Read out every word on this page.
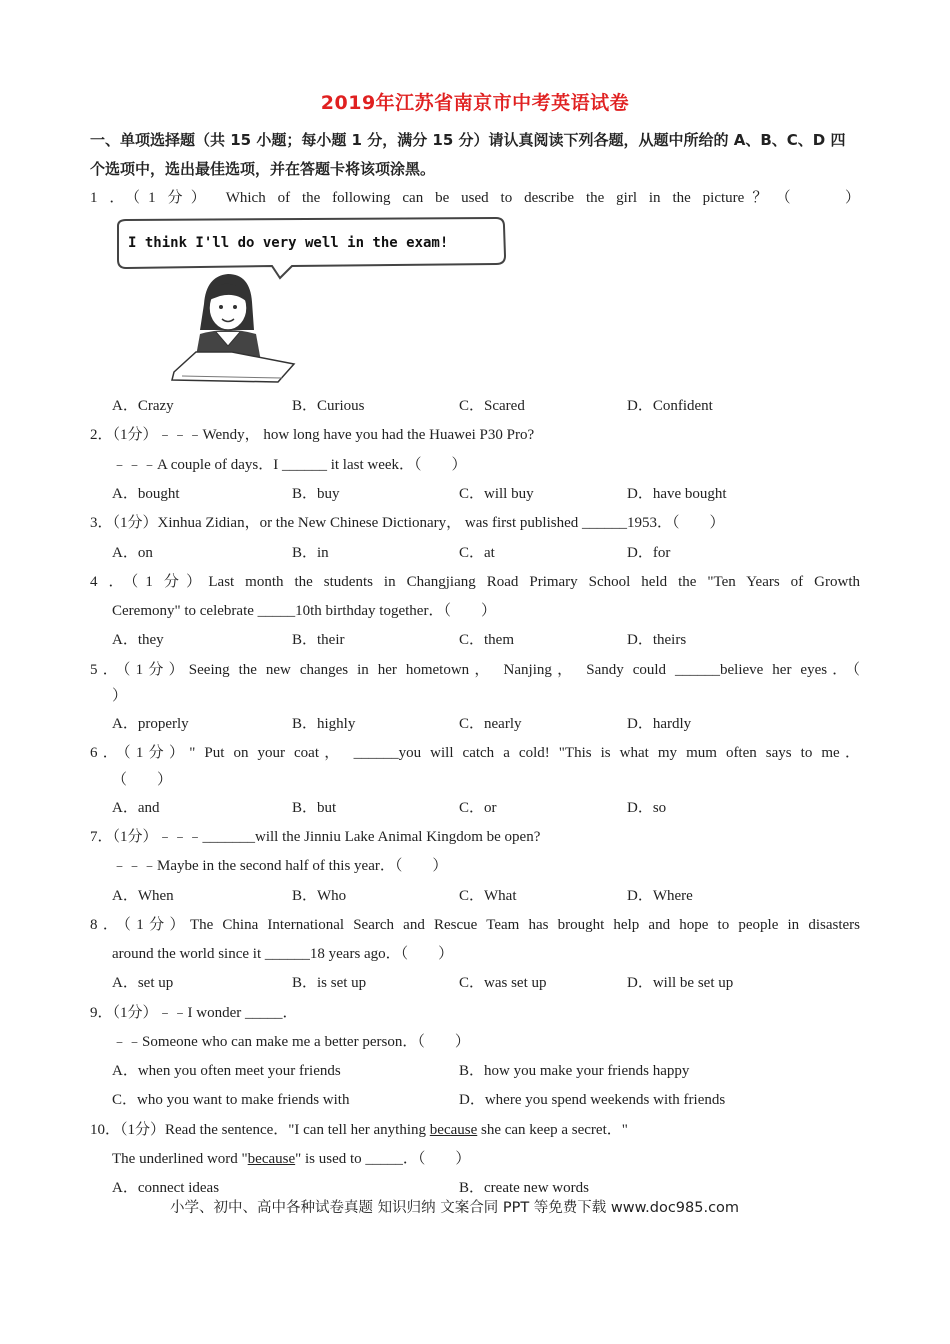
2019年江苏省南京市中考英语试卷
一、单项选择题（共 15 小题；每小题 1 分，满分 15 分）请认真阅读下列各题，从题中所给的 A、B、C、D 四个选项中，选出最佳选项，并在答题卡将该项涂黑。
1 ．（1 分） Which of the following can be used to describe the girl in the picture？（　　）
I think I'll do very well in the exam!
A．Crazy	B．Curious	C．Scared	D．Confident
2．（1分）﹣﹣﹣Wendy， how long have you had the Huawei P30 Pro?
﹣﹣﹣A couple of days．I ______ it last week．（　　）
A．bought	B．buy	C．will buy	D．have bought
3．（1分）Xinhua Zidian，or the New Chinese Dictionary， was first published ______1953．（　　）
A．on	B．in	C．at	D．for
4 ．（1 分）Last month the students in Changjiang Road Primary School held the "Ten Years of Growth
Ceremony" to celebrate _____10th birthday together．（　　）
A．they	B．their	C．them	D．theirs
5．（1分）Seeing the new changes in her hometown， Nanjing， Sandy could ______believe her eyes．（
）
A．properly	B．highly	C．nearly	D．hardly
6．（1分）" Put on your coat， ______you will catch a cold! "This is what my mum often says to me．
（　　）
A．and	B．but	C．or	D．so
7．（1分）﹣﹣﹣_______will the Jinniu Lake Animal Kingdom be open?
﹣﹣﹣Maybe in the second half of this year．（　　）
A．When	B．Who	C．What	D．Where
8．（1分）The China International Search and Rescue Team has brought help and hope to people in disasters
around the world since it ______18 years ago．（　　）
A．set up	B．is set up	C．was set up	D．will be set up
9．（1分）﹣﹣I wonder _____．
﹣﹣Someone who can make me a better person．（　　）
A．when you often meet your friends	B．how you make your friends happy
C．who you want to make friends with	D．where you spend weekends with friends
10．（1分）Read the sentence．"I can tell her anything because she can keep a secret．"
The underlined word "because" is used to _____．（　　）
A．connect ideas	B．create new words
小学、初中、高中各种试卷真题 知识归纳 文案合同 PPT 等免费下载 www.doc985.com
